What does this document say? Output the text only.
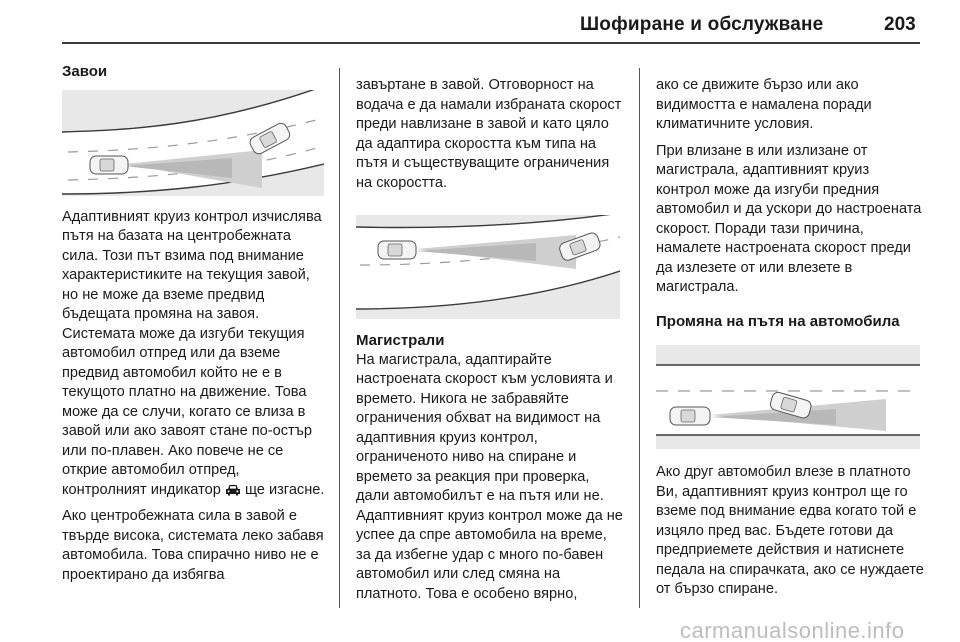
Шофиране и обслужване	203

Завои

Адаптивният круиз контрол изчислява пътя на базата на центробежната сила. Този път взима под внимание характеристиките на текущия завой, но не може да вземе предвид бъдещата промяна на завоя. Системата може да изгуби текущия автомобил отпред или да вземе предвид автомобил който не е в текущото платно на движение. Това може да се случи, когато се влиза в завой или ако завоят стане по-остър или по-плавен. Ако повече не се открие автомобил отпред, контролният индикатор ще изгасне.

Ако центробежната сила в завой е твърде висока, системата леко забавя автомобила. Това спирачно ниво не е проектирано да избягва

завъртане в завой. Отговорност на водача е да намали избраната скорост преди навлизане в завой и като цяло да адаптира скоростта към типа на пътя и съществуващите ограничения на скоростта.

Магистрали

На магистрала, адаптирайте настроената скорост към условията и времето. Никога не забравяйте ограничения обхват на видимост на адаптивния круиз контрол, ограниченото ниво на спиране и времето за реакция при проверка, дали автомобилът е на пътя или не. Адаптивният круиз контрол може да не успее да спре автомобила на време, за да избегне удар с много по-бавен автомобил или след смяна на платното. Това е особено вярно,

ако се движите бързо или ако видимостта е намалена поради климатичните условия.

При влизане в или излизане от магистрала, адаптивният круиз контрол може да изгуби предния автомобил и да ускори до настроената скорост. Поради тази причина, намалете настроената скорост преди да излезете от или влезете в магистрала.

Промяна на пътя на автомобила

Ако друг автомобил влезе в платното Ви, адаптивният круиз контрол ще го вземе под внимание едва когато той е изцяло пред вас. Бъдете готови да предприемете действия и натиснете педала на спирачката, ако се нуждаете от бързо спиране.

carmanualsonline.info
